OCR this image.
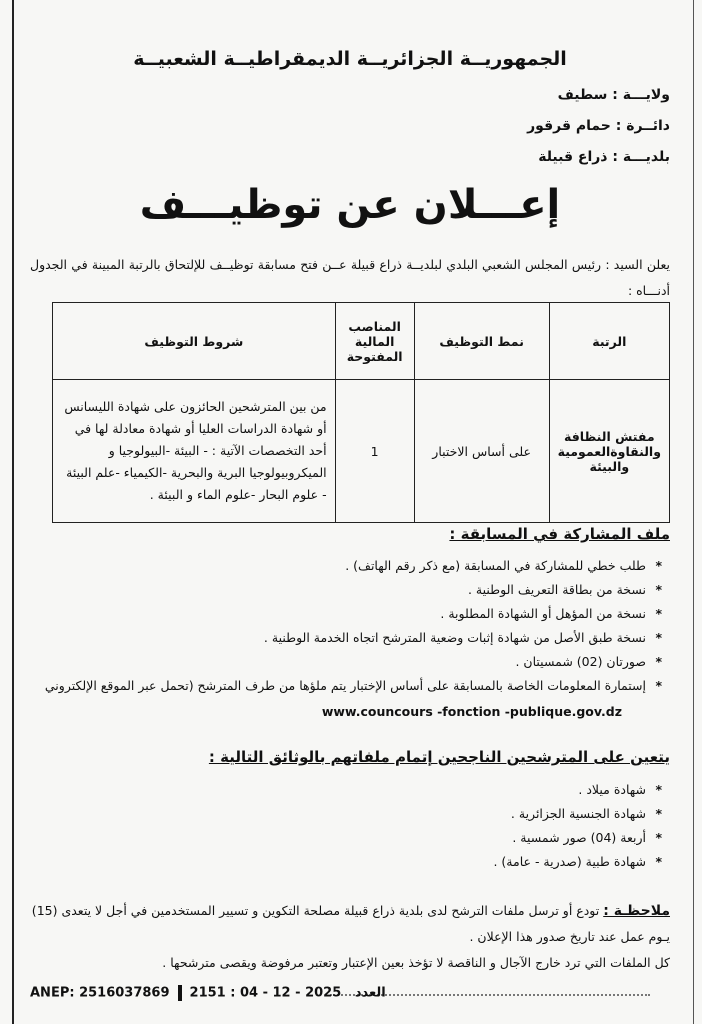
الجمهوريــة الجزائريــة الديمقراطيــة الشعبيــة
ولايـــة : سطيف
دائــرة : حمام قرقور
بلديـــة : ذراع قبيلة
إعـــلان عن توظيـــف
يعلن السيد : رئيس المجلس الشعبي البلدي لبلديــة ذراع قبيلة عــن فتح مسابقة توظيــف للإلتحاق بالرتبة المبينة في الجدول أدنـــاه :
الرتبة	نمط التوظيف	المناصب المالية المفتوحة	شروط التوظيف
مفتش النظافة والنقاوةالعمومية والبيئة	على أساس الاختبار	1	من بين المترشحين الحائزون على شهادة الليسانس أو شهادة الدراسات العليا أو شهادة معادلة لها في أحد التخصصات الآتية : - البيئة -البيولوجيا و الميكروبيولوجيا البرية والبحرية -الكيمياء -علم البيئة - علوم البحار -علوم الماء و البيئة .
ملف المشاركة في المسابقة :
* طلب خطي للمشاركة في المسابقة (مع ذكر رقم الهاتف) .
* نسخة من بطاقة التعريف الوطنية .
* نسخة من المؤهل أو الشهادة المطلوبة .
* نسخة طبق الأصل من شهادة إثبات وضعية المترشح اتجاه الخدمة الوطنية .
* صورتان (02) شمسيتان .
* إستمارة المعلومات الخاصة بالمسابقة على أساس الإختبار يتم ملؤها من طرف المترشح (تحمل عبر الموقع الإلكتروني
www.councours -fonction -publique.gov.dz
يتعين على المترشحين الناجحين إتمام ملفاتهم بالوثائق التالية :
* شهادة ميلاد .
* شهادة الجنسية الجزائرية .
* أربعة (04) صور شمسية .
* شهادة طبية (صدرية - عامة) .
ملاحظـة : تودع أو ترسل ملفات الترشح لدى بلدية ذراع قبيلة مصلحة التكوين و تسيير المستخدمين في أجل لا يتعدى (15) يـوم عمل عند تاريخ صدور هذا الإعلان .
كل الملفات التي ترد خارج الآجال و الناقصة لا تؤخذ بعين الإعتبار وتعتبر مرفوضة ويقصى مترشحها .
ANEP: 2516037869 2151 : العدد   2025 - 12 - 04
